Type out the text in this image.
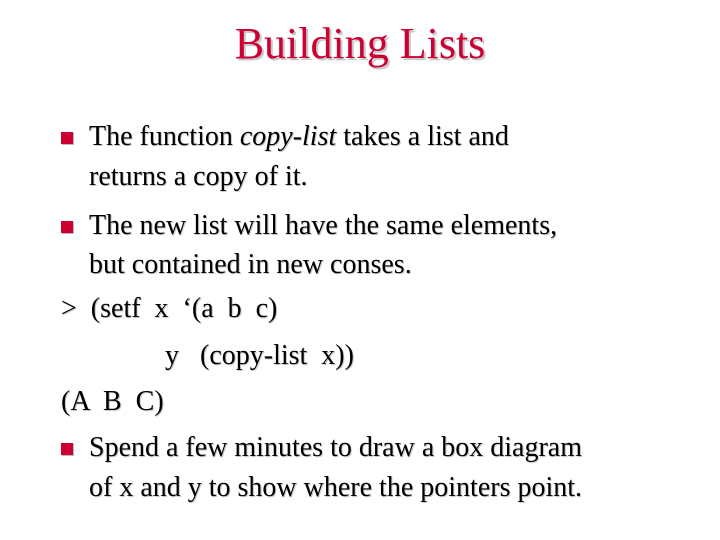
Building Lists
The function copy-list takes a list and
returns a copy of it.
The new list will have the same elements,
but contained in new conses.
>  (setf  x  ‘(a  b  c)
y   (copy-list  x))
(A  B  C)
Spend a few minutes to draw a box diagram
of x and y to show where the pointers point.
